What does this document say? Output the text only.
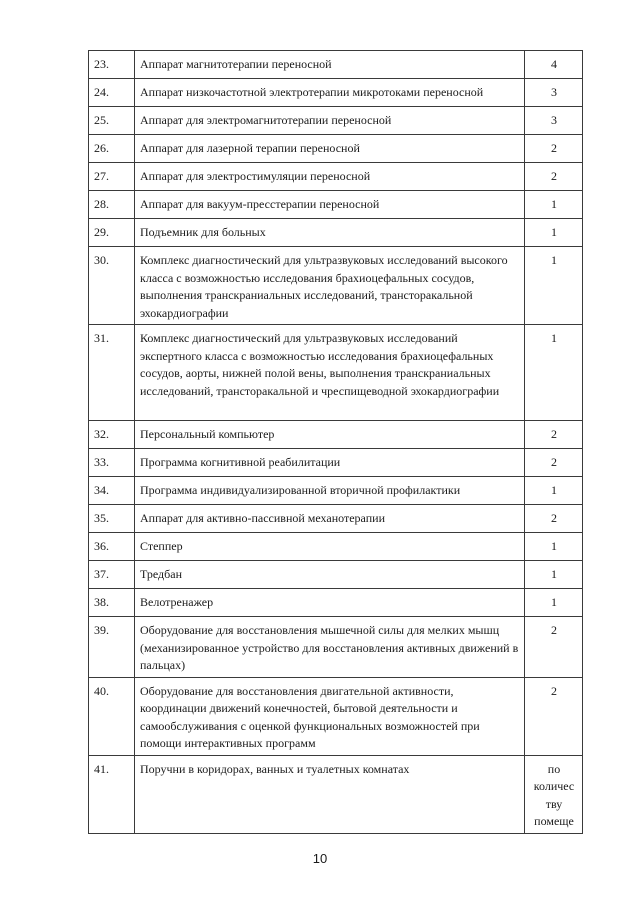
23.	Аппарат магнитотерапии переносной	4
24.	Аппарат низкочастотной электротерапии микротоками переносной	3
25.	Аппарат для электромагнитотерапии переносной	3
26.	Аппарат для лазерной терапии переносной	2
27.	Аппарат для электростимуляции переносной	2
28.	Аппарат для вакуум-пресстерапии переносной	1
29.	Подъемник для больных	1
30.	Комплекс диагностический для ультразвуковых исследований высокого класса с возможностью исследования брахиоцефальных сосудов, выполнения транскраниальных исследований, трансторакальной эхокардиографии	1
31.	Комплекс диагностический для ультразвуковых исследований экспертного класса с возможностью исследования брахиоцефальных сосудов, аорты, нижней полой вены, выполнения транскраниальных исследований, трансторакальной и чреспищеводной эхокардиографии	1
32.	Персональный компьютер	2
33.	Программа когнитивной реабилитации	2
34.	Программа индивидуализированной вторичной профилактики	1
35.	Аппарат для активно-пассивной механотерапии	2
36.	Степпер	1
37.	Тредбан	1
38.	Велотренажер	1
39.	Оборудование для восстановления мышечной силы для мелких мышц (механизированное устройство для восстановления активных движений в пальцах)	2
40.	Оборудование для восстановления двигательной активности, координации движений конечностей, бытовой деятельности и самообслуживания с оценкой функциональных возможностей при помощи интерактивных программ	2
41.	Поручни в коридорах, ванных и туалетных комнатах	по количес тву помеще
10
